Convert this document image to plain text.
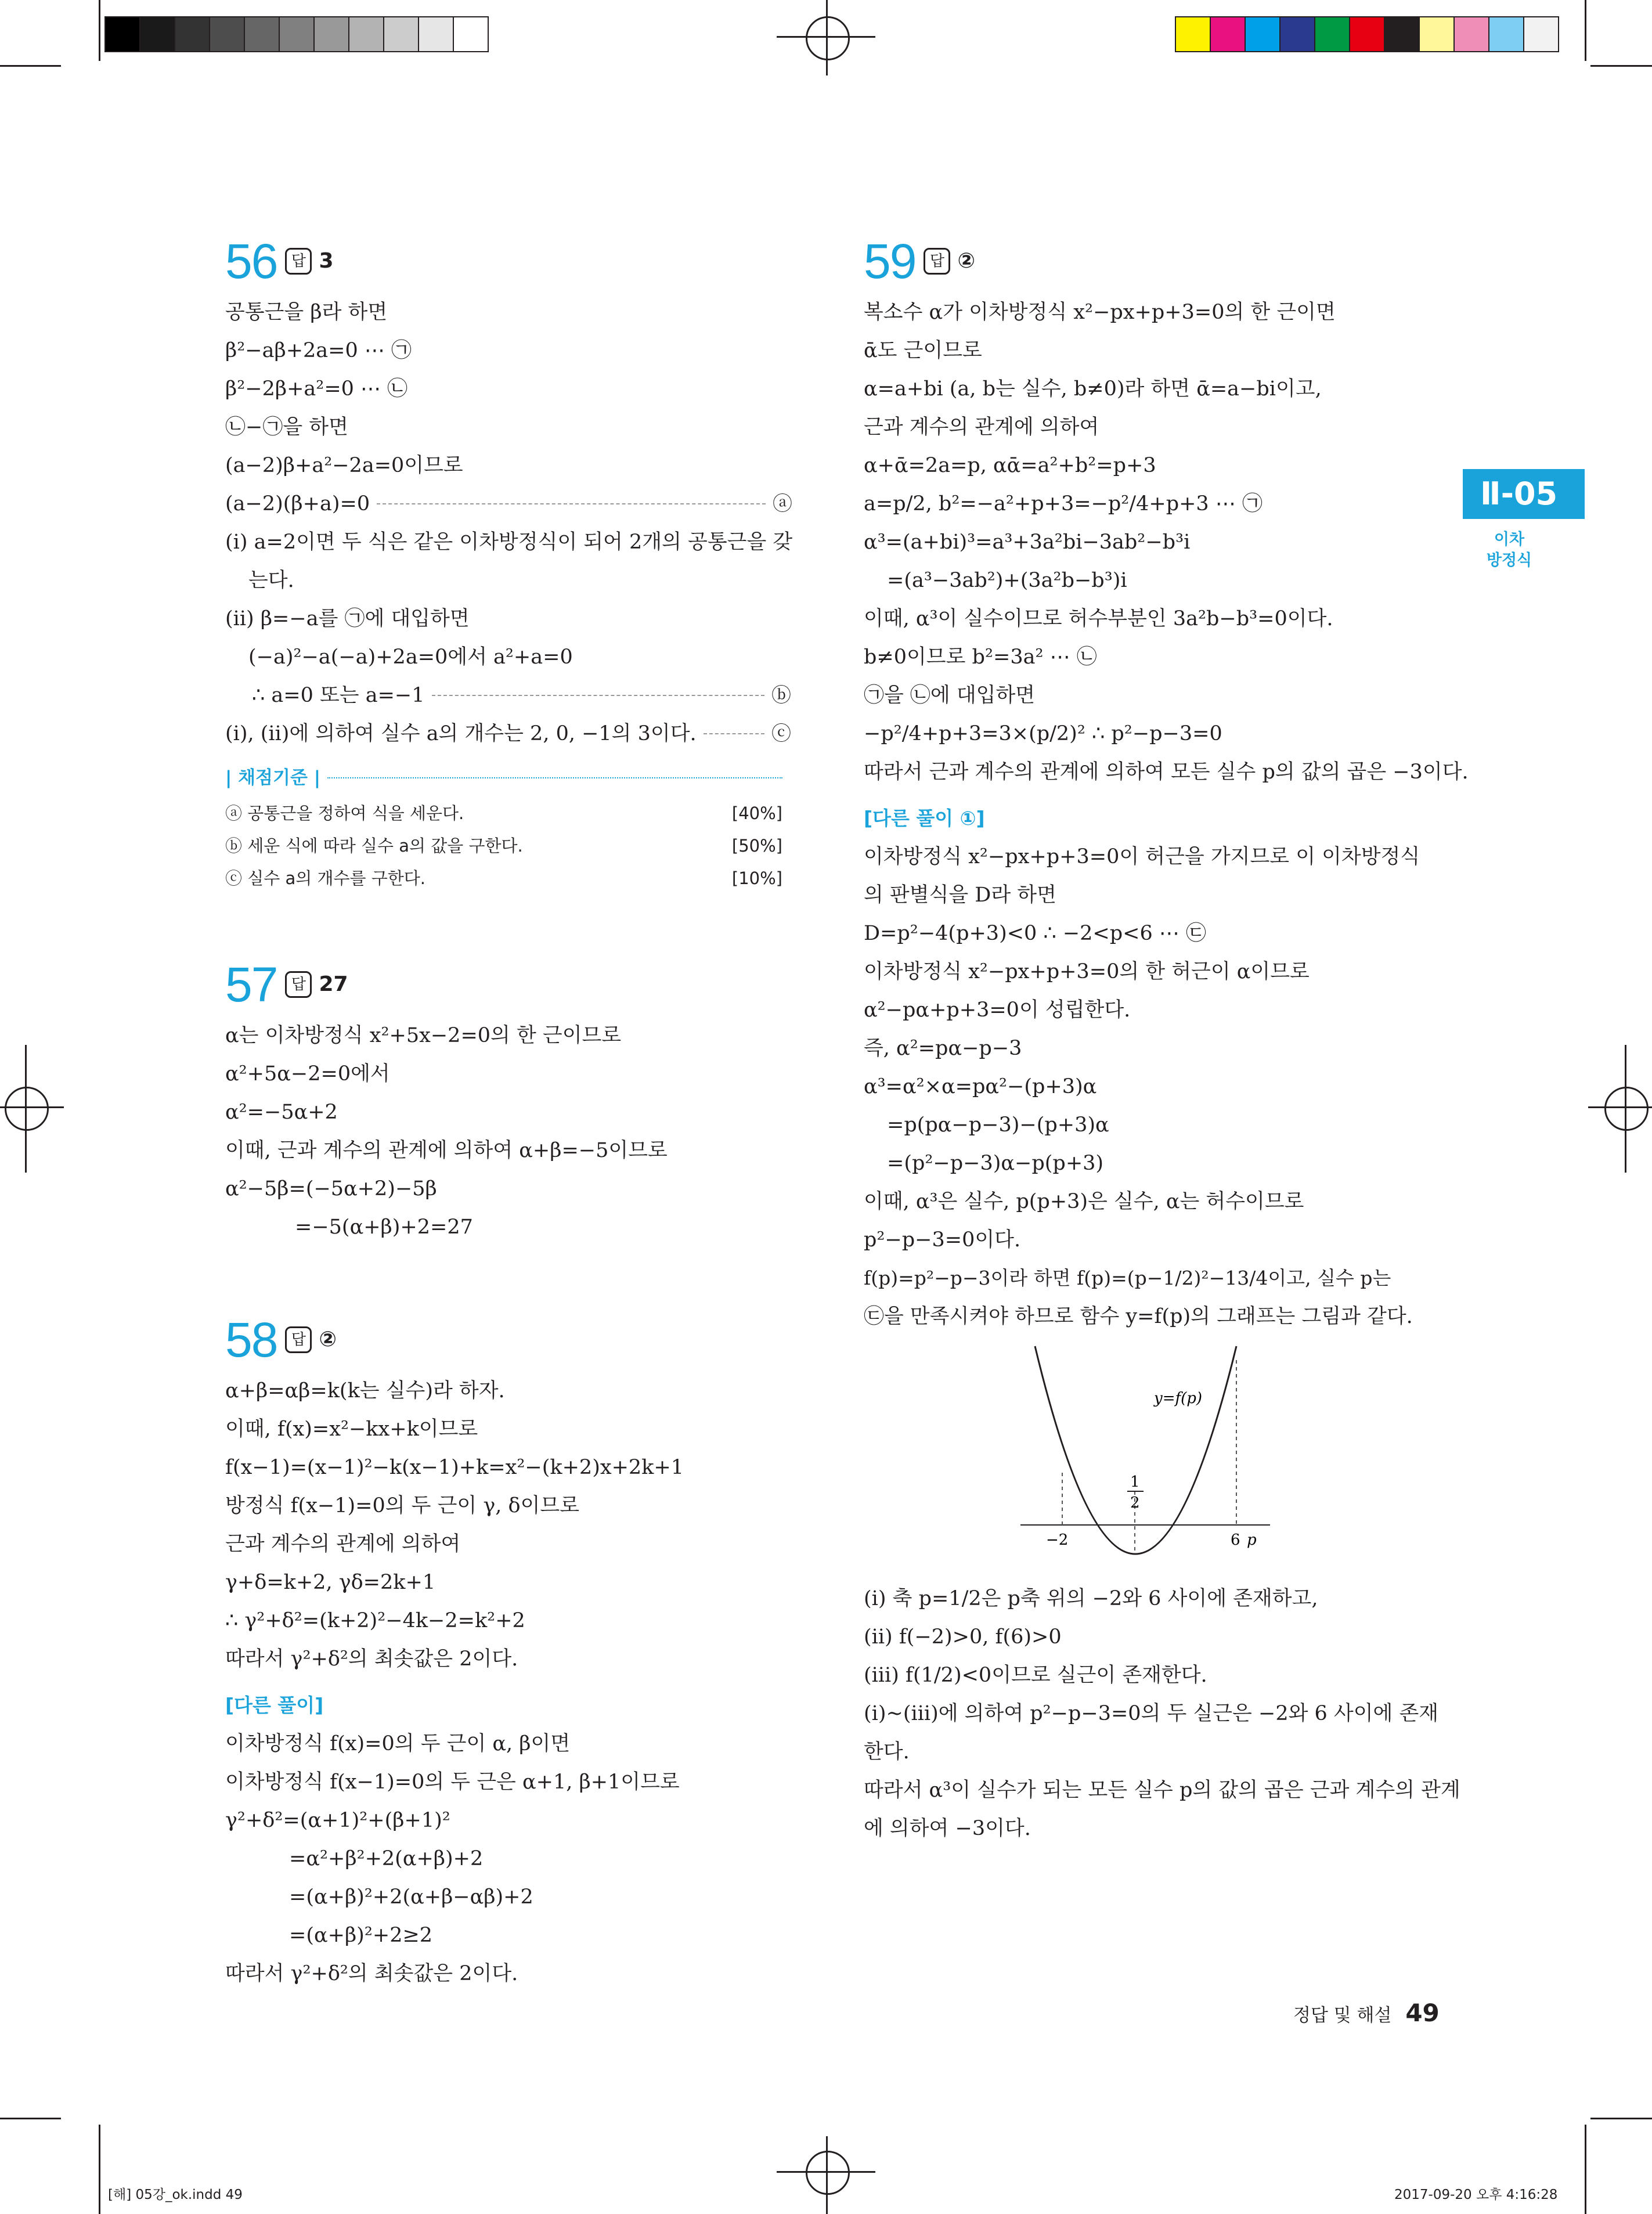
Ⅱ-05
이차
방정식
56 답 3
공통근을 β라 하면
β²−aβ+2a=0 ⋯ ㉠
β²−2β+a²=0 ⋯ ㉡
㉡−㉠을 하면
(a−2)β+a²−2a=0이므로
(a−2)(β+a)=0	ⓐ
(ⅰ) a=2이면 두 식은 같은 이차방정식이 되어 2개의 공통근을 갖
는다.
(ⅱ) β=−a를 ㉠에 대입하면
(−a)²−a(−a)+2a=0에서 a²+a=0
∴ a=0 또는 a=−1	ⓑ
(ⅰ), (ⅱ)에 의하여 실수 a의 개수는 2, 0, −1의 3이다.	ⓒ
| 채점기준 |
ⓐ 공통근을 정하여 식을 세운다.	[40%]
ⓑ 세운 식에 따라 실수 a의 값을 구한다.	[50%]
ⓒ 실수 a의 개수를 구한다.	[10%]
57 답 27
α는 이차방정식 x²+5x−2=0의 한 근이므로
α²+5α−2=0에서
α²=−5α+2
이때, 근과 계수의 관계에 의하여 α+β=−5이므로
α²−5β=(−5α+2)−5β
=−5(α+β)+2=27
58 답 ②
α+β=αβ=k(k는 실수)라 하자.
이때, f(x)=x²−kx+k이므로
f(x−1)=(x−1)²−k(x−1)+k=x²−(k+2)x+2k+1
방정식 f(x−1)=0의 두 근이 γ, δ이므로
근과 계수의 관계에 의하여
γ+δ=k+2, γδ=2k+1
∴ γ²+δ²=(k+2)²−4k−2=k²+2
따라서 γ²+δ²의 최솟값은 2이다.
[다른 풀이]
이차방정식 f(x)=0의 두 근이 α, β이면
이차방정식 f(x−1)=0의 두 근은 α+1, β+1이므로
γ²+δ²=(α+1)²+(β+1)²
=α²+β²+2(α+β)+2
=(α+β)²+2(α+β−αβ)+2
=(α+β)²+2≥2
따라서 γ²+δ²의 최솟값은 2이다.
59 답 ②
복소수 α가 이차방정식 x²−px+p+3=0의 한 근이면
ᾱ도 근이므로
α=a+bi (a, b는 실수, b≠0)라 하면 ᾱ=a−bi이고,
근과 계수의 관계에 의하여
α+ᾱ=2a=p, αᾱ=a²+b²=p+3
a=p/2, b²=−a²+p+3=−p²/4+p+3 ⋯ ㉠
α³=(a+bi)³=a³+3a²bi−3ab²−b³i
=(a³−3ab²)+(3a²b−b³)i
이때, α³이 실수이므로 허수부분인 3a²b−b³=0이다.
b≠0이므로 b²=3a² ⋯ ㉡
㉠을 ㉡에 대입하면
−p²/4+p+3=3×(p/2)² ∴ p²−p−3=0
따라서 근과 계수의 관계에 의하여 모든 실수 p의 값의 곱은 −3이다.
[다른 풀이 ①]
이차방정식 x²−px+p+3=0이 허근을 가지므로 이 이차방정식
의 판별식을 D라 하면
D=p²−4(p+3)<0 ∴ −2<p<6 ⋯ ㉢
이차방정식 x²−px+p+3=0의 한 허근이 α이므로
α²−pα+p+3=0이 성립한다.
즉, α²=pα−p−3
α³=α²×α=pα²−(p+3)α
=p(pα−p−3)−(p+3)α
=(p²−p−3)α−p(p+3)
이때, α³은 실수, p(p+3)은 실수, α는 허수이므로
p²−p−3=0이다.
f(p)=p²−p−3이라 하면 f(p)=(p−1/2)²−13/4이고, 실수 p는
㉢을 만족시켜야 하므로 함수 y=f(p)의 그래프는 그림과 같다.
y=f(p)
1
2
−2	6 p
(ⅰ) 축 p=1/2은 p축 위의 −2와 6 사이에 존재하고,
(ⅱ) f(−2)>0, f(6)>0
(ⅲ) f(1/2)<0이므로 실근이 존재한다.
(ⅰ)~(ⅲ)에 의하여 p²−p−3=0의 두 실근은 −2와 6 사이에 존재
한다.
따라서 α³이 실수가 되는 모든 실수 p의 값의 곱은 근과 계수의 관계
에 의하여 −3이다.
정답 및 해설 49
[해] 05강_ok.indd 49	2017-09-20 오후 4:16:28
